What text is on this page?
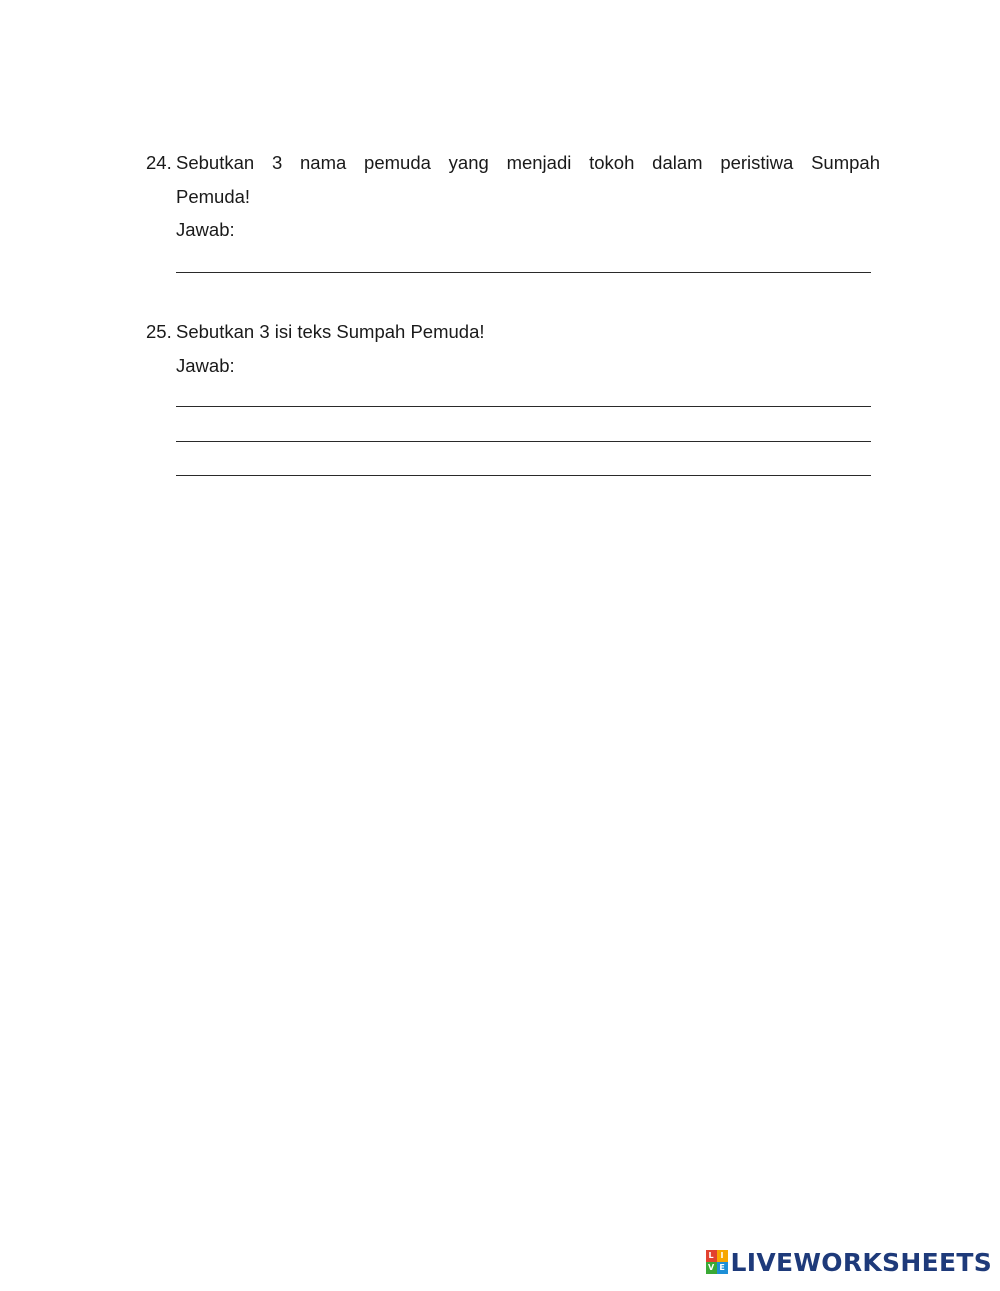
24. Sebutkan 3 nama pemuda yang menjadi tokoh dalam peristiwa Sumpah
Pemuda!
Jawab:
25. Sebutkan 3 isi teks Sumpah Pemuda!
Jawab:
L I
V E LIVEWORKSHEETS
